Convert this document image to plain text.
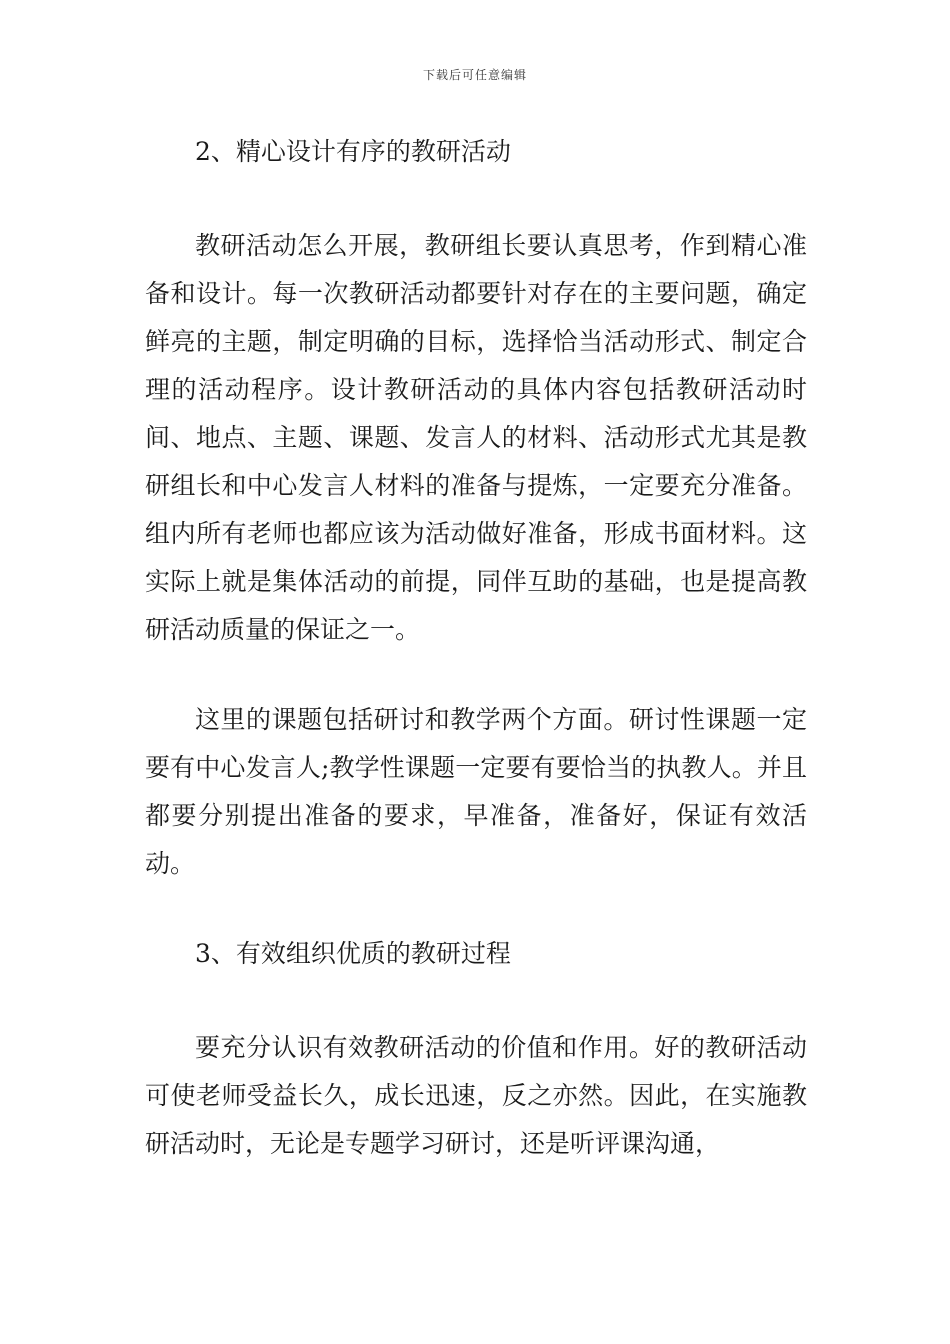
下载后可任意编辑
2、精心设计有序的教研活动

教研活动怎么开展，教研组长要认真思考，作到精心准备和设计。每一次教研活动都要针对存在的主要问题，确定鲜亮的主题，制定明确的目标，选择恰当活动形式、制定合理的活动程序。设计教研活动的具体内容包括教研活动时间、地点、主题、课题、发言人的材料、活动形式尤其是教研组长和中心发言人材料的准备与提炼，一定要充分准备。组内所有老师也都应该为活动做好准备，形成书面材料。这实际上就是集体活动的前提，同伴互助的基础，也是提高教研活动质量的保证之一。

这里的课题包括研讨和教学两个方面。研讨性课题一定要有中心发言人;教学性课题一定要有要恰当的执教人。并且都要分别提出准备的要求，早准备，准备好，保证有效活动。

3、有效组织优质的教研过程

要充分认识有效教研活动的价值和作用。好的教研活动可使老师受益长久，成长迅速，反之亦然。因此，在实施教研活动时，无论是专题学习研讨，还是听评课沟通，
